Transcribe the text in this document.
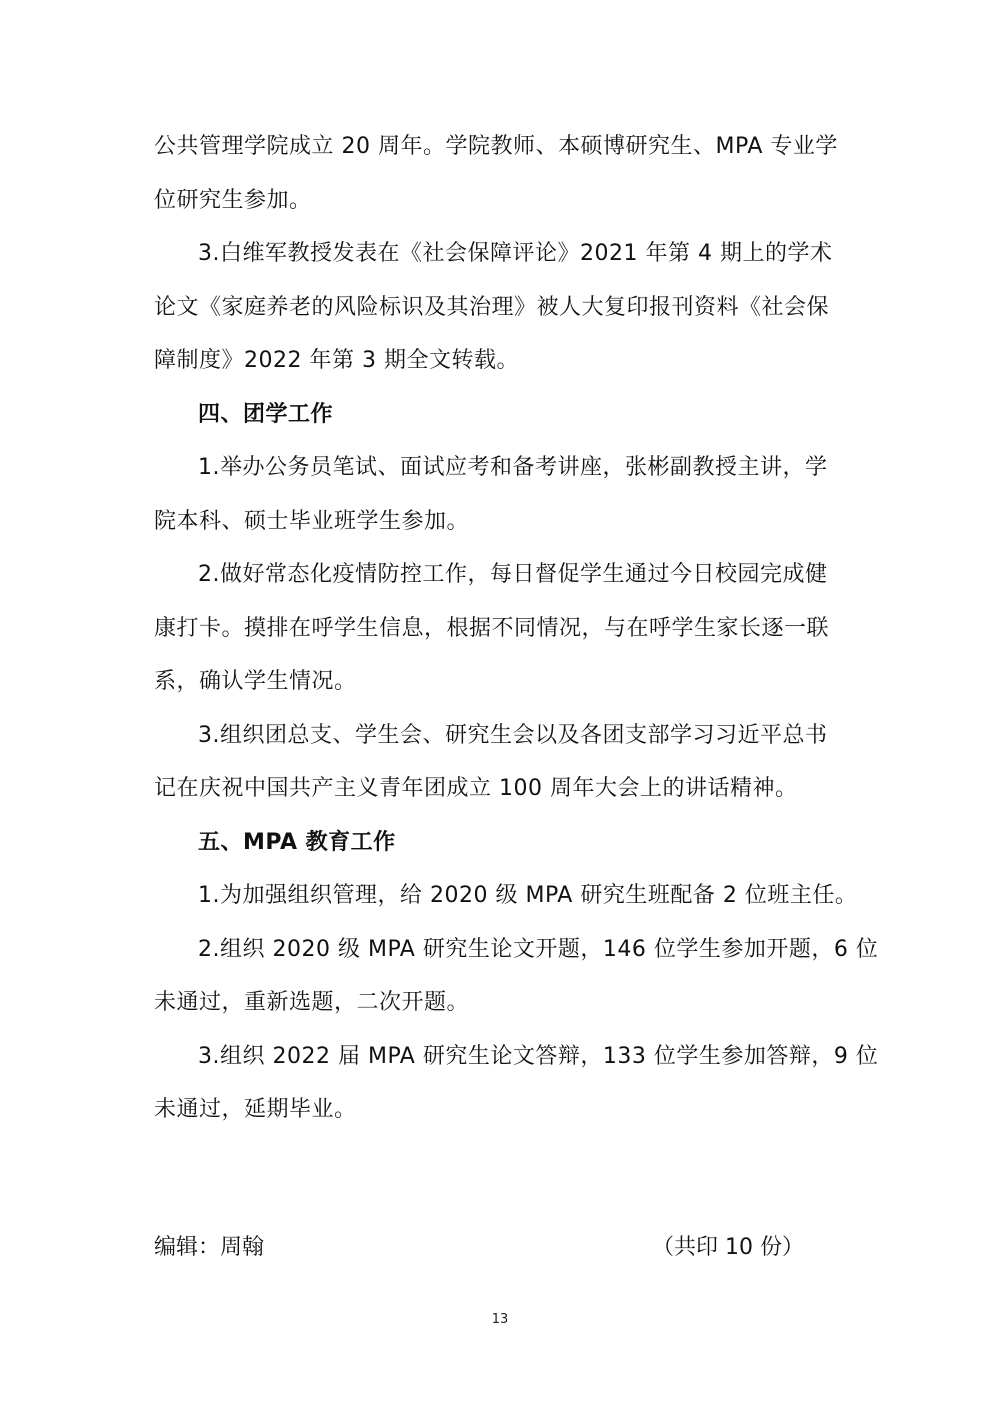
公共管理学院成立 20 周年。学院教师、本硕博研究生、MPA 专业学
位研究生参加。
3.白维军教授发表在《社会保障评论》2021 年第 4 期上的学术
论文《家庭养老的风险标识及其治理》被人大复印报刊资料《社会保
障制度》2022 年第 3 期全文转载。
四、团学工作
1.举办公务员笔试、面试应考和备考讲座，张彬副教授主讲，学
院本科、硕士毕业班学生参加。
2.做好常态化疫情防控工作，每日督促学生通过今日校园完成健
康打卡。摸排在呼学生信息，根据不同情况，与在呼学生家长逐一联
系，确认学生情况。
3.组织团总支、学生会、研究生会以及各团支部学习习近平总书
记在庆祝中国共产主义青年团成立 100 周年大会上的讲话精神。
五、MPA 教育工作
1.为加强组织管理，给 2020 级 MPA 研究生班配备 2 位班主任。
2.组织 2020 级 MPA 研究生论文开题，146 位学生参加开题，6 位
未通过，重新选题，二次开题。
3.组织 2022 届 MPA 研究生论文答辩，133 位学生参加答辩，9 位
未通过，延期毕业。
编辑：周翰	（共印 10 份）
13
